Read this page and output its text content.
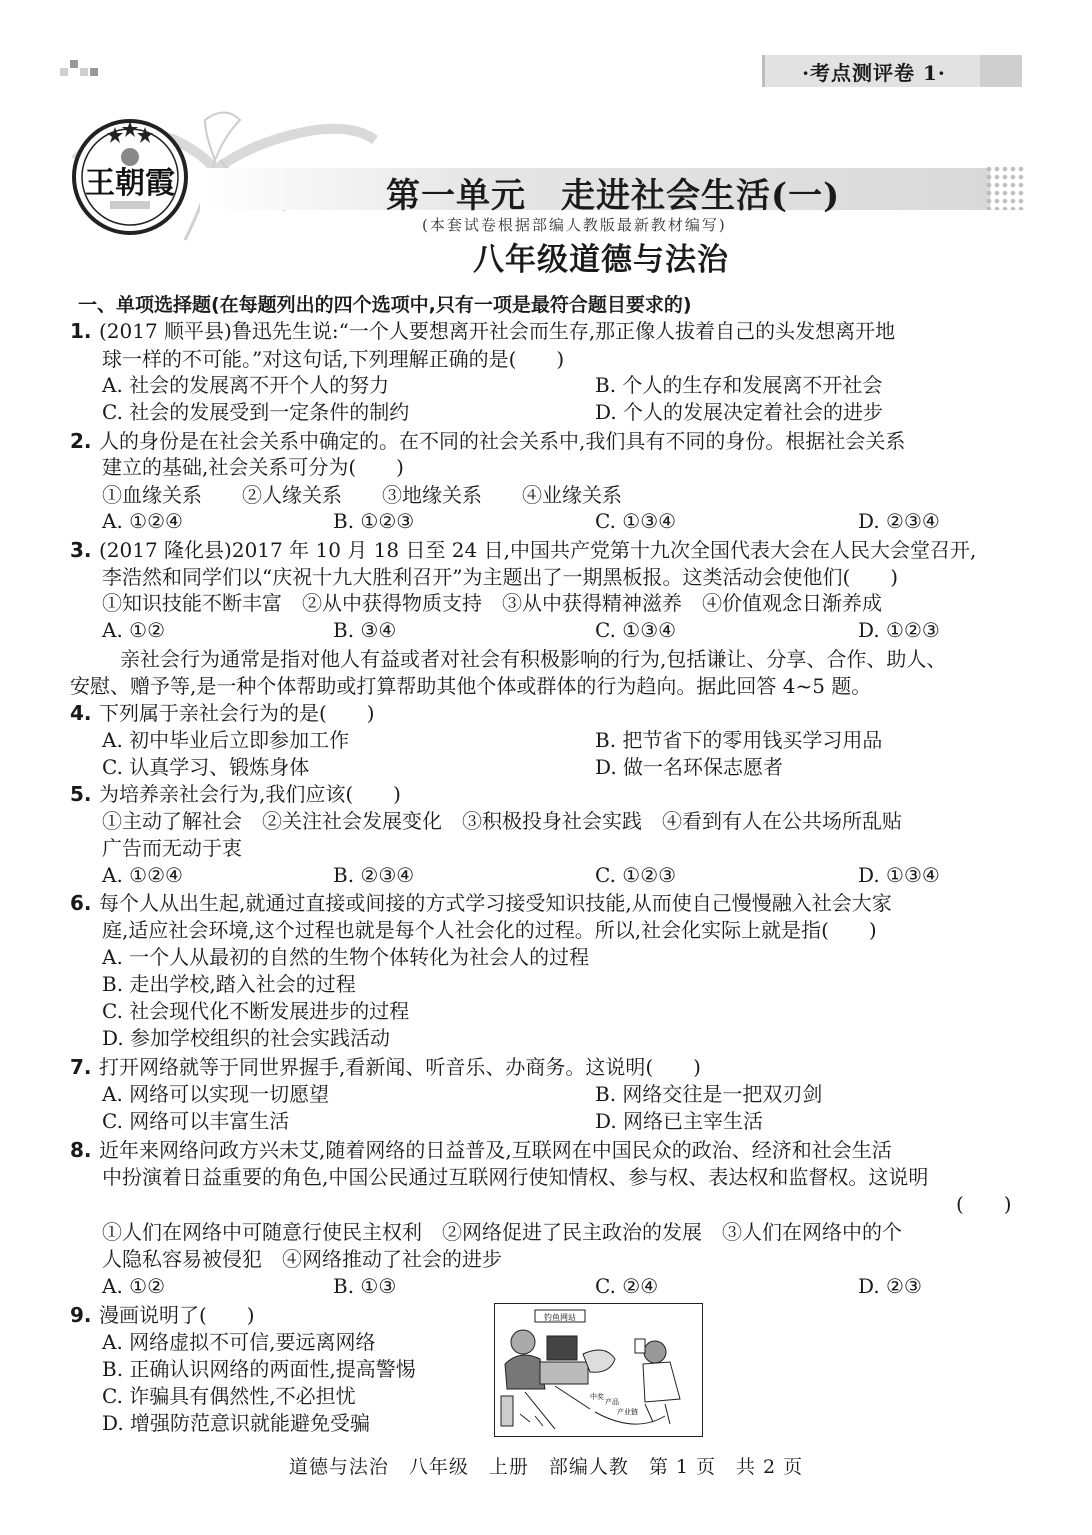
·考点测评卷 1·
王朝霞	第一单元　走进社会生活(一)
(本套试卷根据部编人教版最新教材编写)
八年级道德与法治
一、单项选择题(在每题列出的四个选项中,只有一项是最符合题目要求的)
1. (2017 顺平县)鲁迅先生说:“一个人要想离开社会而生存,那正像人拔着自己的头发想离开地
球一样的不可能。”对这句话,下列理解正确的是(　　)
A. 社会的发展离不开个人的努力	B. 个人的生存和发展离不开社会
C. 社会的发展受到一定条件的制约	D. 个人的发展决定着社会的进步
2. 人的身份是在社会关系中确定的。在不同的社会关系中,我们具有不同的身份。根据社会关系
建立的基础,社会关系可分为(　　)
①血缘关系　　②人缘关系　　③地缘关系　　④业缘关系
A. ①②④	B. ①②③	C. ①③④	D. ②③④
3. (2017 隆化县)2017 年 10 月 18 日至 24 日,中国共产党第十九次全国代表大会在人民大会堂召开,
李浩然和同学们以“庆祝十九大胜利召开”为主题出了一期黑板报。这类活动会使他们(　　)
①知识技能不断丰富　②从中获得物质支持　③从中获得精神滋养　④价值观念日渐养成
A. ①②	B. ③④	C. ①③④	D. ①②③
亲社会行为通常是指对他人有益或者对社会有积极影响的行为,包括谦让、分享、合作、助人、
安慰、赠予等,是一种个体帮助或打算帮助其他个体或群体的行为趋向。据此回答 4~5 题。
4. 下列属于亲社会行为的是(　　)
A. 初中毕业后立即参加工作	B. 把节省下的零用钱买学习用品
C. 认真学习、锻炼身体	D. 做一名环保志愿者
5. 为培养亲社会行为,我们应该(　　)
①主动了解社会　②关注社会发展变化　③积极投身社会实践　④看到有人在公共场所乱贴
广告而无动于衷
A. ①②④	B. ②③④	C. ①②③	D. ①③④
6. 每个人从出生起,就通过直接或间接的方式学习接受知识技能,从而使自己慢慢融入社会大家
庭,适应社会环境,这个过程也就是每个人社会化的过程。所以,社会化实际上就是指(　　)
A. 一个人从最初的自然的生物个体转化为社会人的过程
B. 走出学校,踏入社会的过程
C. 社会现代化不断发展进步的过程
D. 参加学校组织的社会实践活动
7. 打开网络就等于同世界握手,看新闻、听音乐、办商务。这说明(　　)
A. 网络可以实现一切愿望	B. 网络交往是一把双刃剑
C. 网络可以丰富生活	D. 网络已主宰生活
8. 近年来网络问政方兴未艾,随着网络的日益普及,互联网在中国民众的政治、经济和社会生活
中扮演着日益重要的角色,中国公民通过互联网行使知情权、参与权、表达权和监督权。这说明
(　　)
①人们在网络中可随意行使民主权利　②网络促进了民主政治的发展　③人们在网络中的个
人隐私容易被侵犯　④网络推动了社会的进步
A. ①②	B. ①③	C. ②④	D. ②③
9. 漫画说明了(　　)
A. 网络虚拟不可信,要远离网络
B. 正确认识网络的两面性,提高警惕
C. 诈骗具有偶然性,不必担忧
D. 增强防范意识就能避免受骗
钓鱼网站
中奖
产品
产业链
道德与法治　八年级　上册　部编人教　第 1 页　共 2 页
